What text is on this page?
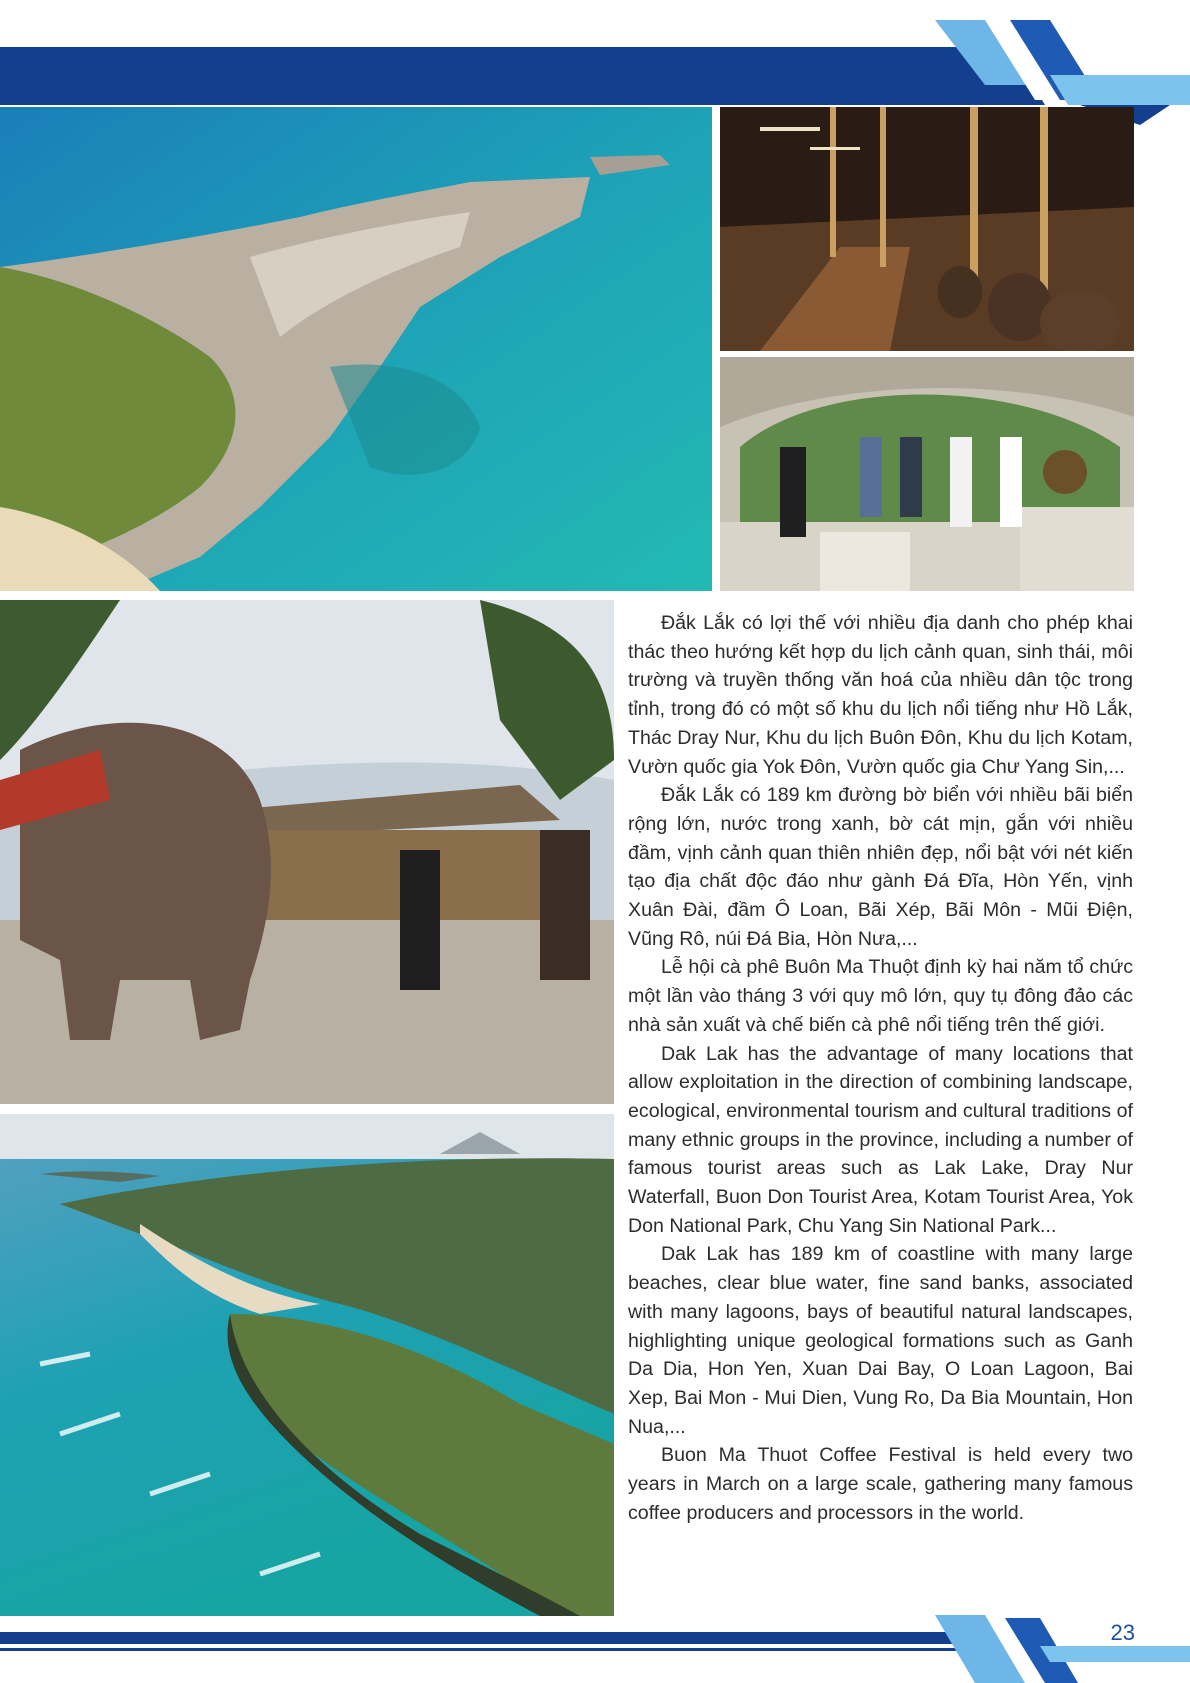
Đắk Lắk có lợi thế với nhiều địa danh cho phép khai thác theo hướng kết hợp du lịch cảnh quan, sinh thái, môi trường và truyền thống văn hoá của nhiều dân tộc trong tỉnh, trong đó có một số khu du lịch nổi tiếng như Hồ Lắk, Thác Dray Nur, Khu du lịch Buôn Đôn, Khu du lịch Kotam, Vườn quốc gia Yok Đôn, Vườn quốc gia Chư Yang Sin,...

Đắk Lắk có 189 km đường bờ biển với nhiều bãi biển rộng lớn, nước trong xanh, bờ cát mịn, gắn với nhiều đầm, vịnh cảnh quan thiên nhiên đẹp, nổi bật với nét kiến tạo địa chất độc đáo như gành Đá Đĩa, Hòn Yến, vịnh Xuân Đài, đầm Ô Loan, Bãi Xép, Bãi Môn - Mũi Điện, Vũng Rô, núi Đá Bia, Hòn Nưa,...

Lễ hội cà phê Buôn Ma Thuột định kỳ hai năm tổ chức một lần vào tháng 3 với quy mô lớn, quy tụ đông đảo các nhà sản xuất và chế biến cà phê nổi tiếng trên thế giới.

Dak Lak has the advantage of many locations that allow exploitation in the direction of combining landscape, ecological, environmental tourism and cultural traditions of many ethnic groups in the province, including a number of famous tourist areas such as Lak Lake, Dray Nur Waterfall, Buon Don Tourist Area, Kotam Tourist Area, Yok Don National Park, Chu Yang Sin National Park...

Dak Lak has 189 km of coastline with many large beaches, clear blue water, fine sand banks, associated with many lagoons, bays of beautiful natural landscapes, highlighting unique geological formations such as Ganh Da Dia, Hon Yen, Xuan Dai Bay, O Loan Lagoon, Bai Xep, Bai Mon - Mui Dien, Vung Ro, Da Bia Mountain, Hon Nua,...

Buon Ma Thuot Coffee Festival is held every two years in March on a large scale, gathering many famous coffee producers and processors in the world.

23
